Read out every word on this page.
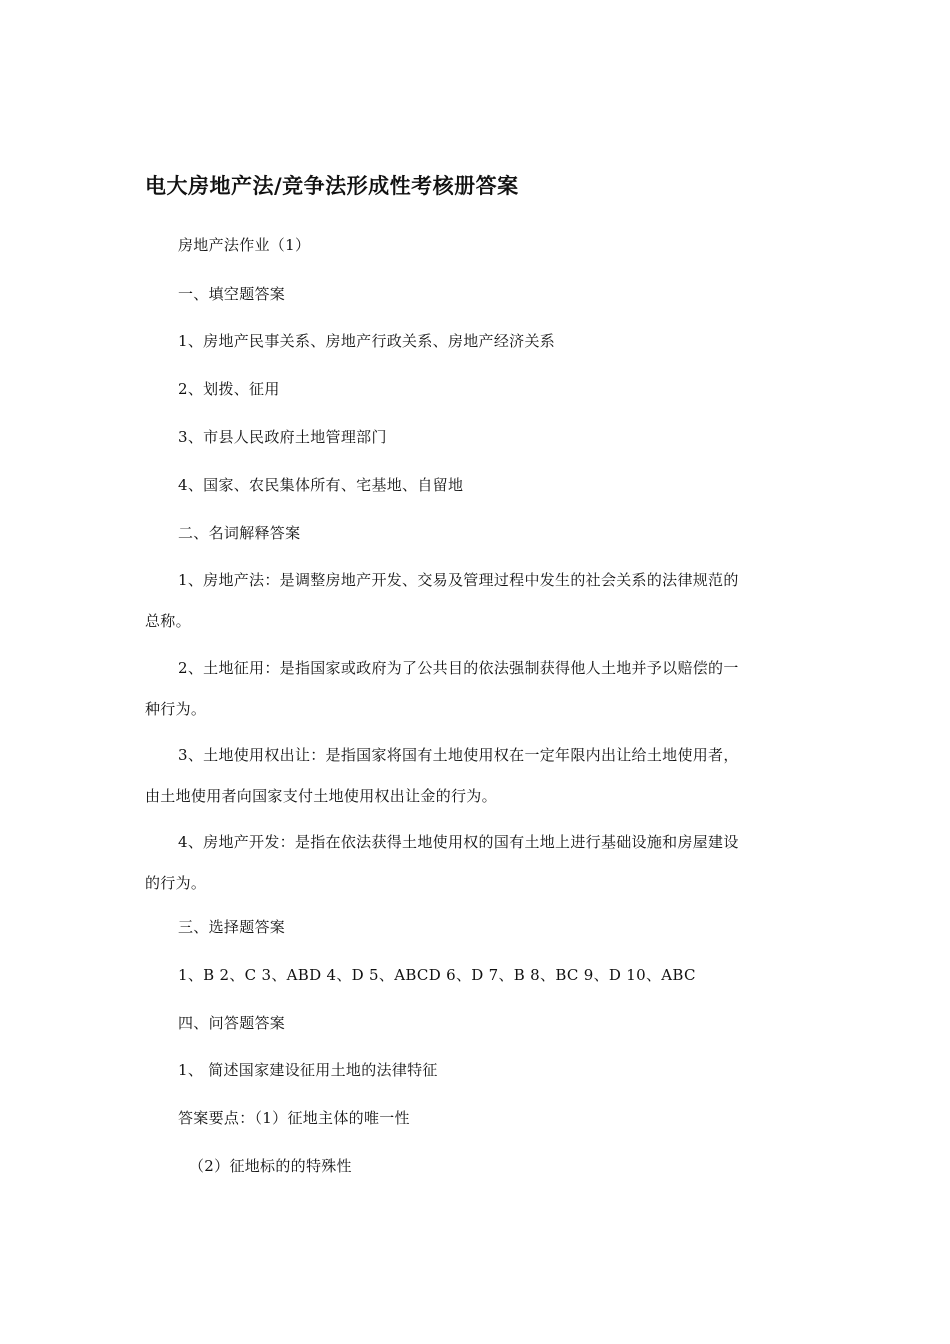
电大房地产法/竞争法形成性考核册答案
房地产法作业（1）
一、填空题答案
1、房地产民事关系、房地产行政关系、房地产经济关系
2、划拨、征用
3、市县人民政府土地管理部门
4、国家、农民集体所有、宅基地、自留地
二、名词解释答案
1、房地产法：是调整房地产开发、交易及管理过程中发生的社会关系的法律规范的
总称。
2、土地征用：是指国家或政府为了公共目的依法强制获得他人土地并予以赔偿的一
种行为。
3、土地使用权出让：是指国家将国有土地使用权在一定年限内出让给土地使用者，
由土地使用者向国家支付土地使用权出让金的行为。
4、房地产开发：是指在依法获得土地使用权的国有土地上进行基础设施和房屋建设
的行为。
三、选择题答案
1、B 2、C 3、ABD 4、D 5、ABCD 6、D 7、B 8、BC 9、D 10、ABC
四、问答题答案
1、 简述国家建设征用土地的法律特征
答案要点：（1）征地主体的唯一性
（2）征地标的的特殊性
